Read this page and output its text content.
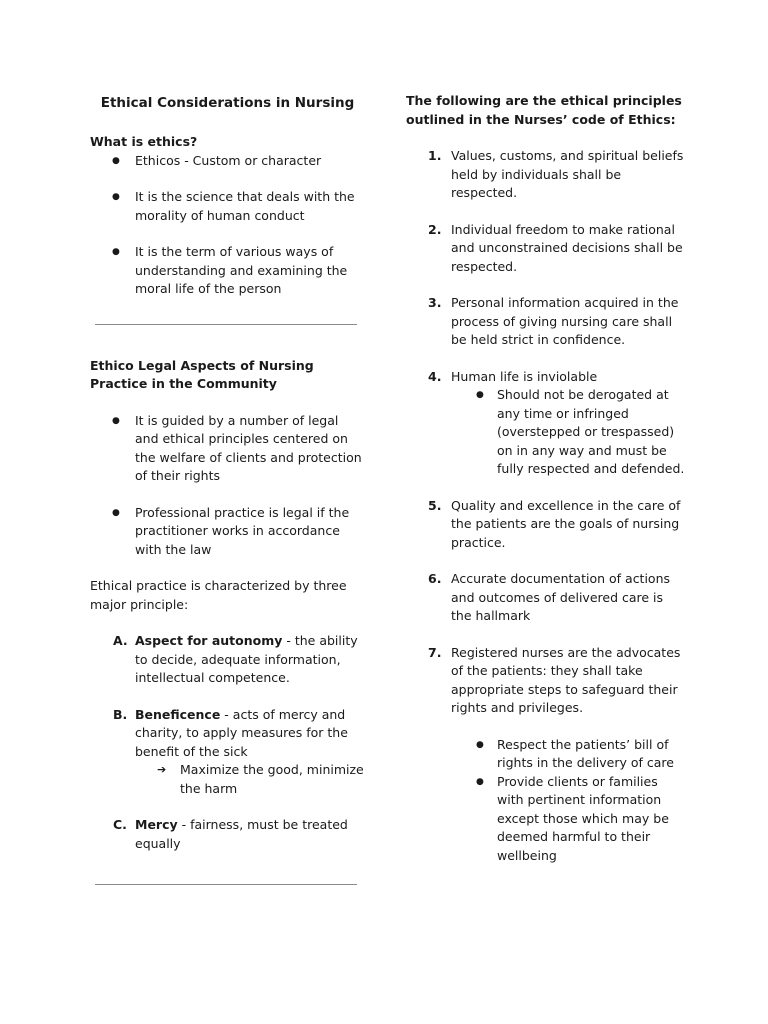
Ethical Considerations in Nursing
What is ethics?
● Ethicos - Custom or character
● It is the science that deals with the morality of human conduct
● It is the term of various ways of understanding and examining the moral life of the person
Ethico Legal Aspects of Nursing Practice in the Community
● It is guided by a number of legal and ethical principles centered on the welfare of clients and protection of their rights
● Professional practice is legal if the practitioner works in accordance with the law
Ethical practice is characterized by three major principle:
A. Aspect for autonomy - the ability to decide, adequate information, intellectual competence.
B. Beneficence - acts of mercy and charity, to apply measures for the benefit of the sick
➔ Maximize the good, minimize the harm
C. Mercy - fairness, must be treated equally
The following are the ethical principles outlined in the Nurses’ code of Ethics:
1. Values, customs, and spiritual beliefs held by individuals shall be respected.
2. Individual freedom to make rational and unconstrained decisions shall be respected.
3. Personal information acquired in the process of giving nursing care shall be held strict in confidence.
4. Human life is inviolable
● Should not be derogated at any time or infringed (overstepped or trespassed) on in any way and must be fully respected and defended.
5. Quality and excellence in the care of the patients are the goals of nursing practice.
6. Accurate documentation of actions and outcomes of delivered care is the hallmark
7. Registered nurses are the advocates of the patients: they shall take appropriate steps to safeguard their rights and privileges.
● Respect the patients’ bill of rights in the delivery of care
● Provide clients or families with pertinent information except those which may be deemed harmful to their wellbeing
